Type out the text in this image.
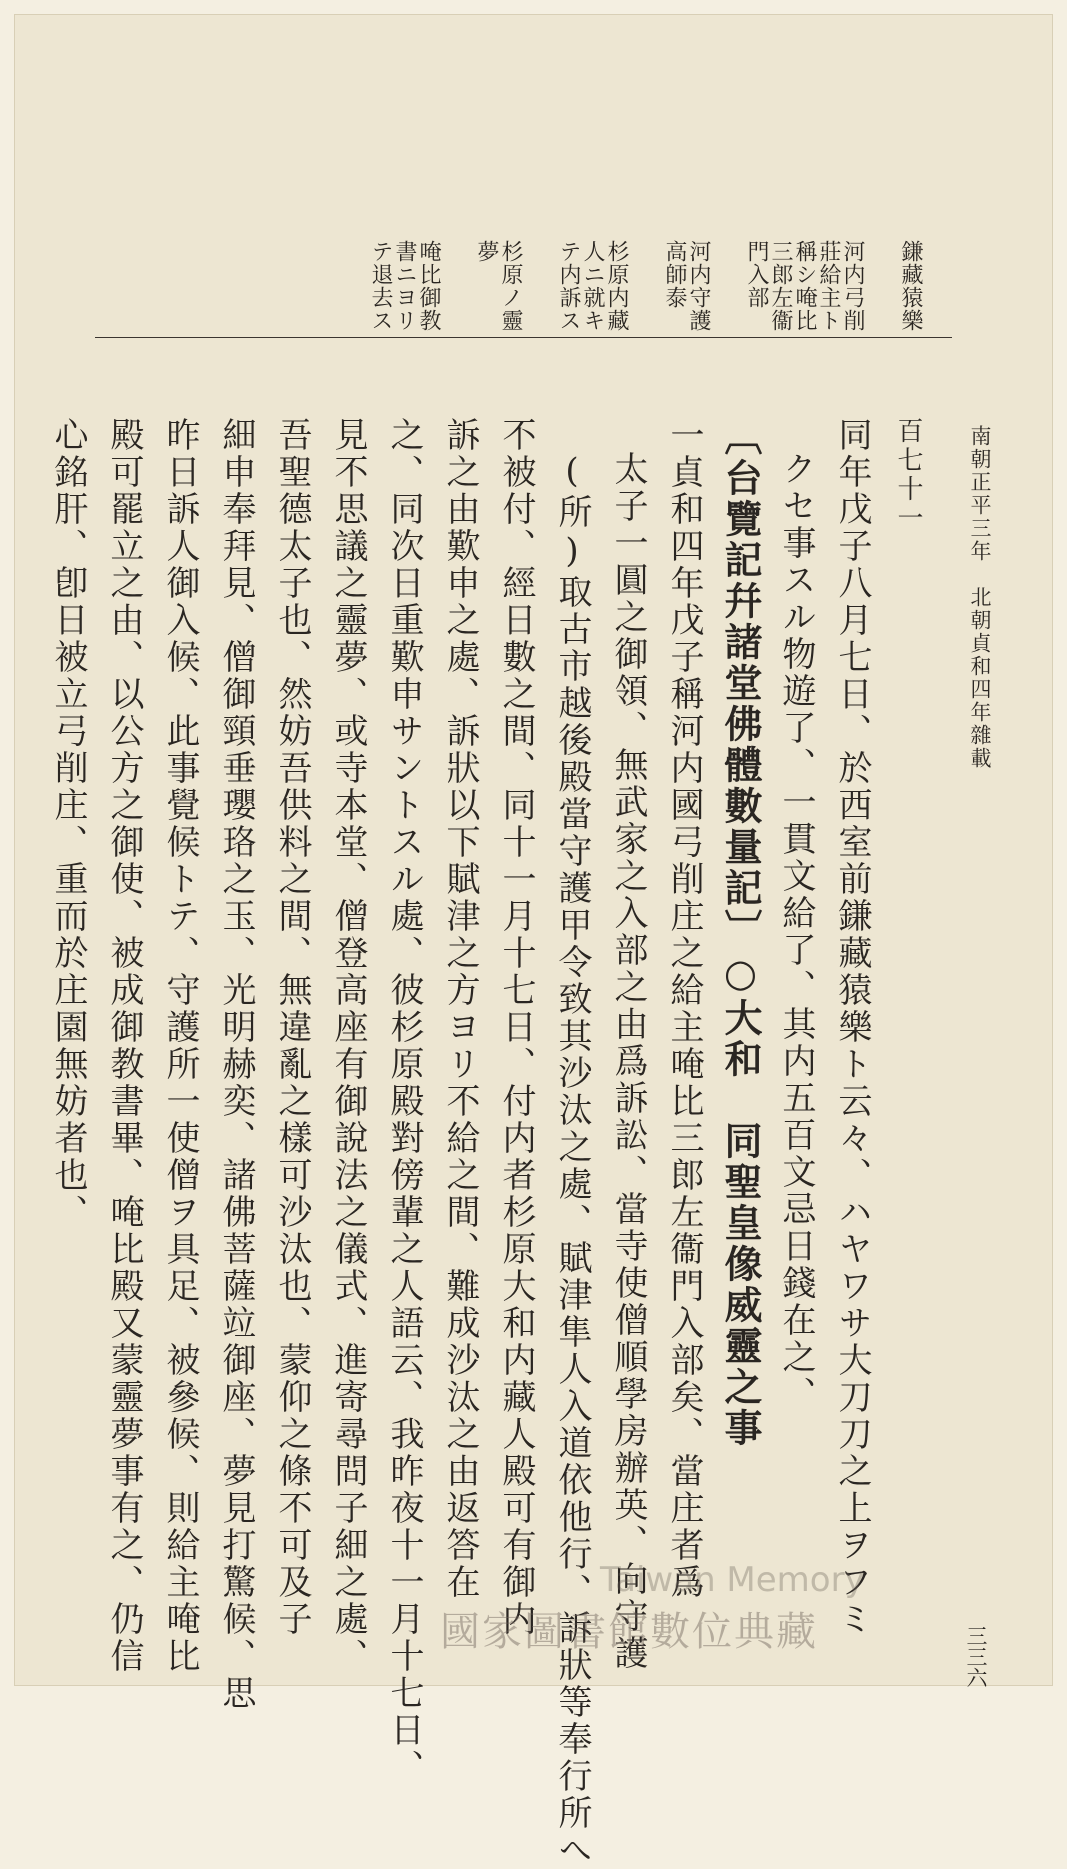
鎌藏猿樂
河内弓削
莊給主ト
稱シ唵比
三郎左衞
門入部
河内守護
高師泰
杉原内藏
人ニ就キ
テ内訴ス
杉原ノ靈
夢
唵比御教
書ニヨリ
テ退去ス
南朝正平三年　北朝貞和四年雜載
百七十一
同年戊子八月七日、於西室前鎌藏猿樂ト云々、ハヤワサ大刀刀之上ヲフミ
クセ事スル物遊了、一貫文給了、其内五百文忌日錢在之、
〔台覽記幷諸堂佛體數量記〕○大和　同聖皇像威靈之事
一貞和四年戊子稱河内國弓削庄之給主唵比三郎左衞門入部矣、當庄者爲
太子一圓之御領、無武家之入部之由爲訴訟、當寺使僧順學房辦英、向守護
(所)取古市越後殿當守護甲令致其沙汰之處、賦津隼人入道依他行、訴狀等奉行所へ
不被付、經日數之間、同十一月十七日、付内者杉原大和内藏人殿可有御内
訴之由歎申之處、訴狀以下賦津之方ヨリ不給之間、難成沙汰之由返答在
之、同次日重歎申サントスル處、彼杉原殿對傍輩之人語云、我昨夜十一月十七日、
見不思議之靈夢、或寺本堂、僧登高座有御說法之儀式、進寄尋問子細之處、
吾聖德太子也、然妨吾供料之間、無違亂之樣可沙汰也、蒙仰之條不可及子
細申奉拜見、僧御頸垂瓔珞之玉、光明赫奕、諸佛菩薩竝御座、夢見打驚候、思
昨日訴人御入候、此事覺候トテ、守護所一使僧ヲ具足、被參候、則給主唵比
殿可罷立之由、以公方之御使、被成御教書畢、唵比殿又蒙靈夢事有之、仍信
心銘肝、卽日被立弓削庄、重而於庄園無妨者也、
三三六
Taiwan Memory
國家圖書館數位典藏
